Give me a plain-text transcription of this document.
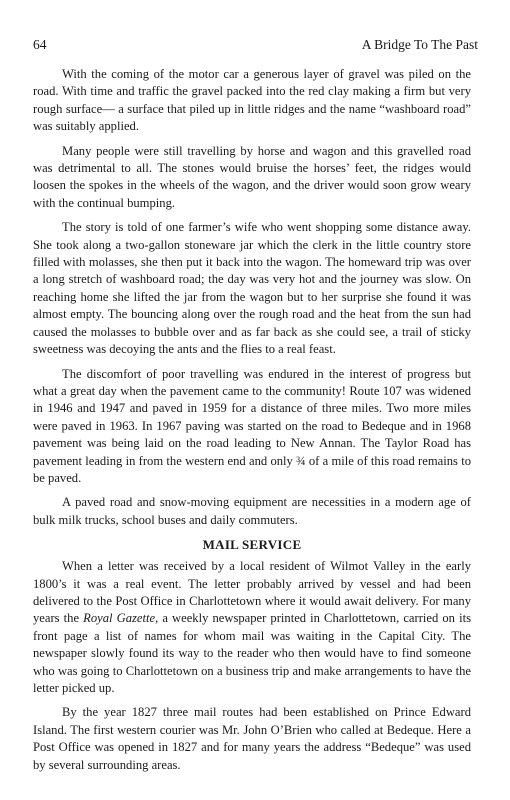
64	A Bridge To The Past

With the coming of the motor car a generous layer of gravel was piled on the road. With time and traffic the gravel packed into the red clay making a firm but very rough surface— a surface that piled up in little ridges and the name “washboard road” was suitably applied.

Many people were still travelling by horse and wagon and this gravelled road was detrimental to all. The stones would bruise the horses’ feet, the ridges would loosen the spokes in the wheels of the wagon, and the driver would soon grow weary with the continual bumping.

The story is told of one farmer’s wife who went shopping some distance away. She took along a two-gallon stoneware jar which the clerk in the little country store filled with molasses, she then put it back into the wagon. The homeward trip was over a long stretch of washboard road; the day was very hot and the journey was slow. On reaching home she lifted the jar from the wagon but to her surprise she found it was almost empty. The bouncing along over the rough road and the heat from the sun had caused the molasses to bubble over and as far back as she could see, a trail of sticky sweetness was decoying the ants and the flies to a real feast.

The discomfort of poor travelling was endured in the interest of progress but what a great day when the pavement came to the community! Route 107 was widened in 1946 and 1947 and paved in 1959 for a distance of three miles. Two more miles were paved in 1963. In 1967 paving was started on the road to Bedeque and in 1968 pavement was being laid on the road leading to New Annan. The Taylor Road has pavement leading in from the western end and only ¾ of a mile of this road remains to be paved.

A paved road and snow-moving equipment are necessities in a modern age of bulk milk trucks, school buses and daily commuters.

MAIL SERVICE

When a letter was received by a local resident of Wilmot Valley in the early 1800’s it was a real event. The letter probably arrived by vessel and had been delivered to the Post Office in Charlottetown where it would await delivery. For many years the Royal Gazette, a weekly newspaper printed in Charlottetown, carried on its front page a list of names for whom mail was waiting in the Capital City. The newspaper slowly found its way to the reader who then would have to find someone who was going to Charlottetown on a business trip and make arrangements to have the letter picked up.

By the year 1827 three mail routes had been established on Prince Edward Island. The first western courier was Mr. John O’Brien who called at Bedeque. Here a Post Office was opened in 1827 and for many years the address “Bedeque” was used by several surrounding areas.
